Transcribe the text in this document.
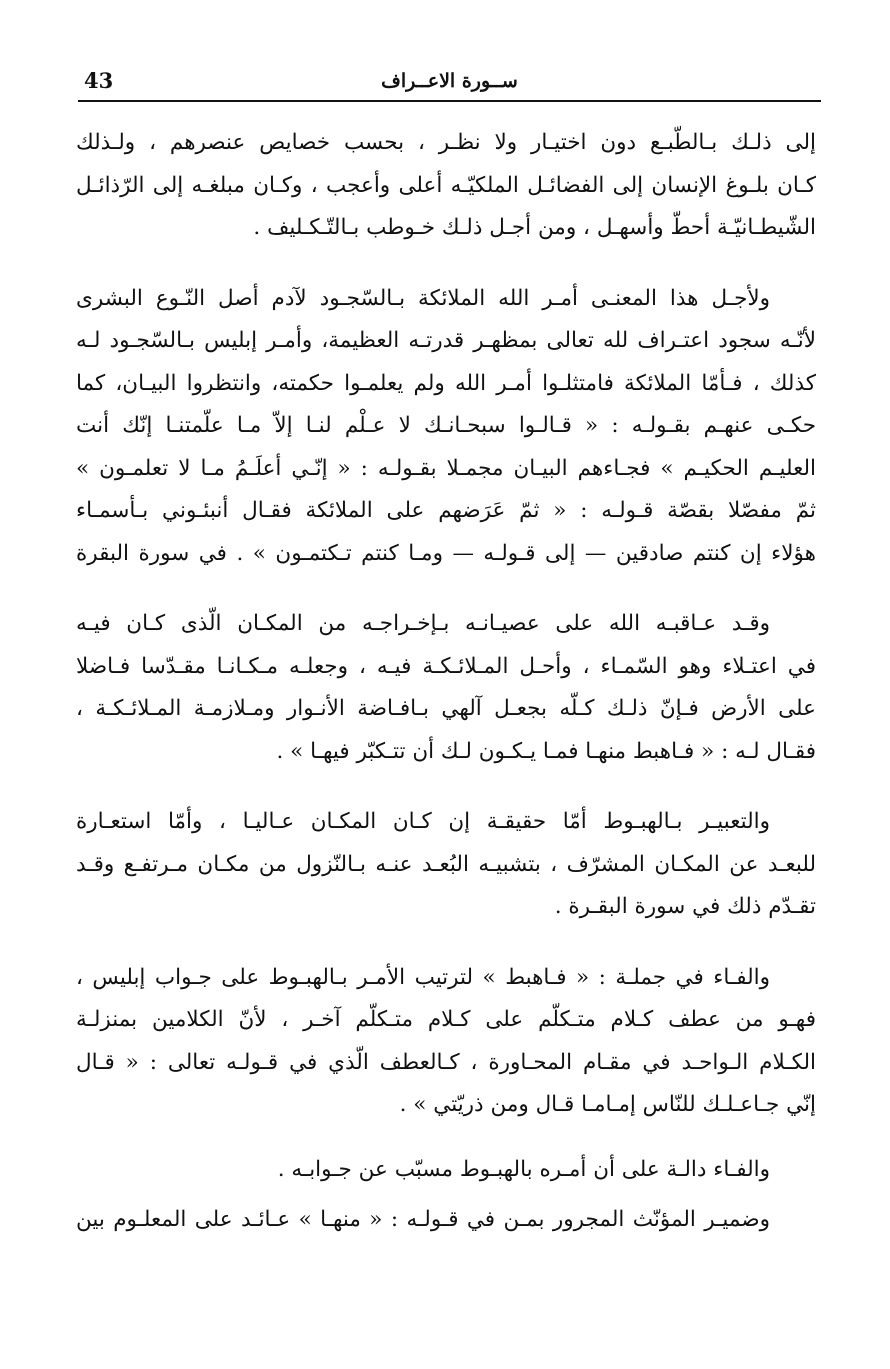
43	ســورة الاعــراف
إلى ذلـك بـالطّبـع دون اختيـار ولا نظـر ، بحسب خصايص عنصرهم ، ولـذلك
كـان بلـوغ الإنسان إلى الفضائـل الملكيّـه أعلى وأعجب ، وكـان مبلغـه إلى الرّذائـل
الشّيطـانيّـة أحطّ وأسهـل ، ومن أجـل ذلـك خـوطب بـالتّـكـليف .
ولأجـل هذا المعنـى أمـر الله الملائكة بـالسّجـود لآدم أصل النّـوع البشرى
لأنّـه سجود اعتـراف لله تعالى بمظهـر قدرتـه العظيمة، وأمـر إبليس بـالسّجـود لـه
كذلك ، فـأمّا الملائكة فامتثلـوا أمـر الله ولم يعلمـوا حكمته، وانتظروا البيـان، كما
حكـى عنهـم بقـولـه : « قـالـوا سبحـانـك لا عـلْم لنـا إلاّ مـا علّمتنـا إنّك أنت
العليـم الحكيـم » فجـاءهم البيـان مجمـلا بقـولـه : « إنّـي أعلَـمُ مـا لا تعلمـون »
ثمّ مفصّلا بقصّة قـولـه : « ثمّ عَرَضهم على الملائكة فقـال أنبئـوني بـأسمـاء
هؤلاء إن كنتم صادقين — إلى قـولـه — ومـا كنتم تـكتمـون » . في سورة البقرة
وقـد عـاقبـه الله على عصيـانـه بـإخـراجـه من المكـان الّذى كـان فيـه
في اعتـلاء وهو السّمـاء ، وأحـل المـلائـكـة فيـه ، وجعلـه مـكـانـا مقـدّسا فـاضلا
على الأرض فـإنّ ذلـك كـلّه بجعـل آلهي بـافـاضة الأنـوار ومـلازمـة المـلائـكـة ،
فقـال لـه : « فـاهبط منهـا فمـا يـكـون لـك أن تتـكبّر فيهـا » .
والتعبيـر بـالهبـوط أمّا حقيقـة إن كـان المكـان عـاليـا ، وأمّا استعـارة
للبعـد عن المكـان المشرّف ، بتشبيـه البُعـد عنـه بـالنّزول من مكـان مـرتفـع وقـد
تقـدّم ذلك في سورة البقـرة .
والفـاء في جملـة : « فـاهبط » لترتيب الأمـر بـالهبـوط على جـواب إبليس ،
فهـو من عطف كـلام متـكلّم على كـلام متـكلّم آخـر ، لأنّ الكلامين بمنزلـة
الكـلام الـواحـد في مقـام المحـاورة ، كـالعطف الّذي في قـولـه تعالى : « قـال
إنّي جـاعـلـك للنّاس إمـامـا قـال ومن ذريّتي » .
والفـاء دالـة على أن أمـره بالهبـوط مسبّب عن جـوابـه .
وضميـر المؤنّث المجرور بمـن في قـولـه : « منهـا » عـائـد على المعلـوم بين
